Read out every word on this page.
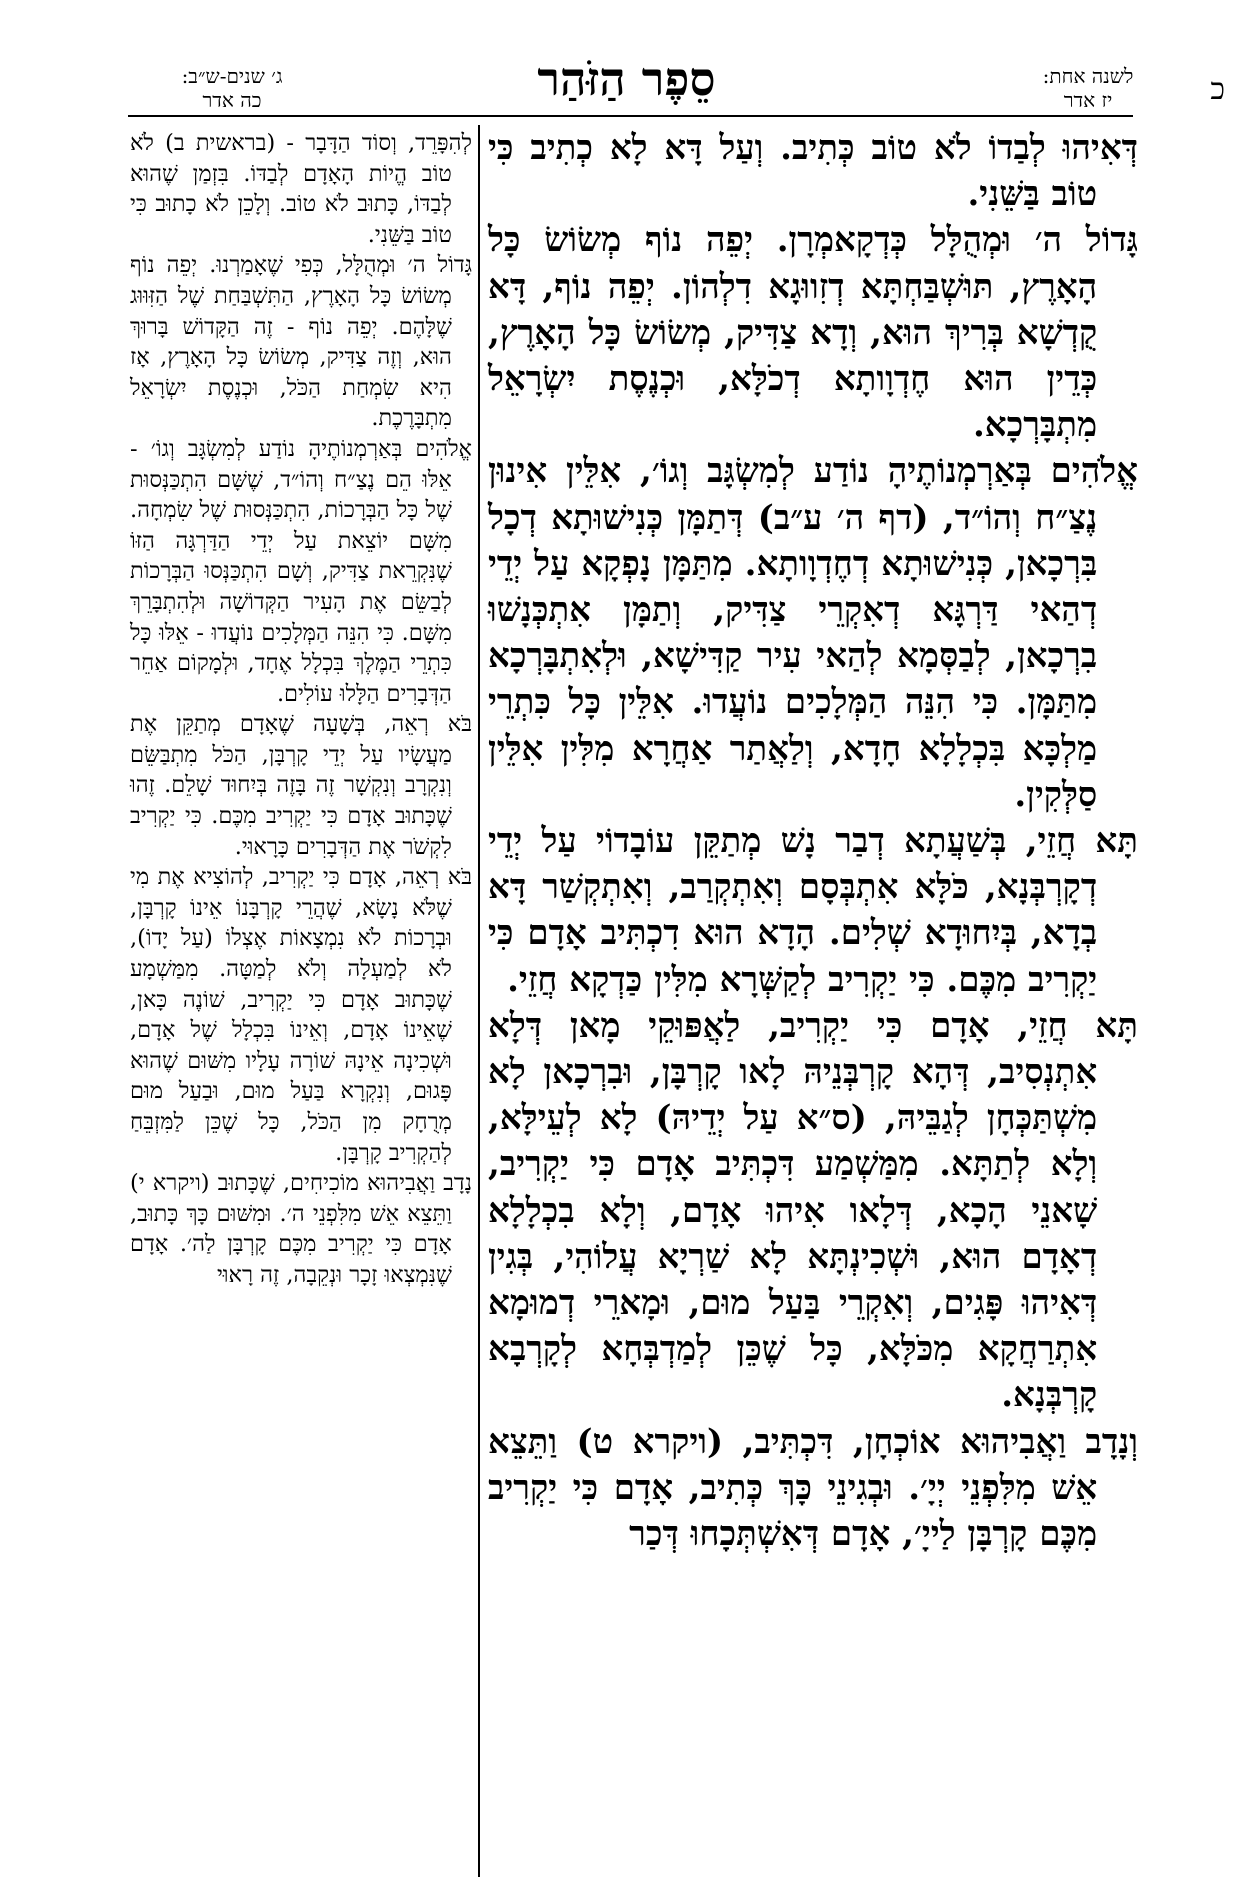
כ
לשנה אחת:
יז אדר
סֵפֶר הַזֹּהַר
ג׳ שנים-ש״ב:
כה אדר

דְּאִיהוּ לְבַדוֹ לֹא טוֹב כְּתִיב. וְעַל דָּא לָא כְתִיב כִּי טוֹב בַּשֵּׁנִי.

גָּדוֹל ה׳ וּמְהֻלָּל כְּדְקָאמְרָן. יְפֵה נוֹף מְשׂוֹשׂ כָּל הָאָרֶץ, תּוּשְׁבַּחְתָּא דְזִווּגָא דִלְהוֹן. יְפֵה נוֹף, דָּא קֻדְשָׁא בְּרִיךְ הוּא, וְדָא צַדִּיק, מְשׂוֹשׂ כָּל הָאָרֶץ, כְּדֵין הוּא חֶדְוָותָא דְכֹלָּא, וּכְנֶסֶת יִשְׂרָאֵל מִתְבָּרְכָא.

אֱלֹהִים בְּאַרְמְנוֹתֶיהָ נוֹדַע לְמִשְׂגָּב וְגוֹ׳, אִלֵּין אִינוּן נֶצַ״ח וְהוֹ״ד, (דף ה׳ ע״ב) דְּתַמָּן כְּנִישׁוּתָא דְכָל בִּרְכָאן, כְּנִישׁוּתָא דְחֶדְוָותָא. מִתַּמָּן נָפְקָא עַל יְדֵי דְהַאי דַּרְגָּא דְאִקְרֵי צַדִּיק, וְתַמָּן אִתְכְּנָשׁוּ בִרְכָאן, לְבַסְּמָא לְהַאי עִיר קַדִּישָׁא, וּלְאִתְבָּרְכָא מִתַּמָּן. כִּי הִנֵּה הַמְּלָכִים נוֹעֲדוּ. אִלֵּין כָּל כִּתְרֵי מַלְכָּא בִּכְלָלָא חָדָא, וְלַאֲתַר אַחֲרָא מִלִּין אִלֵּין סַלְּקִין.

תָּא חֲזֵי, בְּשַׁעֲתָא דְבַר נָשׁ מְתַקֵּן עוֹבָדוֹי עַל יְדֵי דְקָרְבְּנָא, כֹּלָּא אִתְבְּסָם וְאִתְקְרַב, וְאִתְקְשַׁר דָּא בְדָא, בְּיִחוּדָא שְׁלִים. הָדָא הוּא דִכְתִּיב אָדָם כִּי יַקְרִיב מִכֶּם. כִּי יַקְרִיב לְקַשְּׁרָא מִלִּין כַּדְקָא חֲזֵי.

תָּא חֲזֵי, אָדָם כִּי יַקְרִיב, לַאֲפּוּקֵי מָאן דְּלָא אִתְנְסִיב, דְּהָא קָרְבְּנֵיהּ לָאו קָרְבָּן, וּבִרְכָאן לָא מִשְׁתַּכְּחָן לְגַבֵּיהּ, (ס״א עַל יְדֵיהּ) לָא לְעֵילָּא, וְלָא לְתַתָּא. מִמַּשְׁמַע דִּכְתִּיב אָדָם כִּי יַקְרִיב, שָׁאנֵי הָכָא, דְּלָאו אִיהוּ אָדָם, וְלָא בִכְלָלָא דְאָדָם הוּא, וּשְׁכִינְתָּא לָא שַׁרְיָא עֲלוֹהִי, בְּגִין דְּאִיהוּ פָּגִים, וְאִקְרֵי בַּעַל מוּם, וּמָארֵי דְמוּמָא אִתְרַחֲקָא מִכֹּלָּא, כָּל שֶׁכֵּן לְמַדְבְּחָא לְקָרְבָא קָרְבְּנָא.

וְנָדָב וַאֲבִיהוּא אוֹכְחָן, דִּכְתִּיב, (ויקרא ט) וַתֵּצֵא אֵשׁ מִלִּפְנֵי יְיָ׳. וּבְגִינֵי כָּךְ כְּתִיב, אָדָם כִּי יַקְרִיב מִכֶּם קָרְבָּן לַייָ׳, אָדָם דְּאִשְׁתְּכָחוּ דְּכַר

לְהִפָּרֵד, וְסוֹד הַדָּבָר - (בראשית ב) לֹא טוֹב הֱיוֹת הָאָדָם לְבַדּוֹ. בִּזְמַן שֶׁהוּא לְבַדּוֹ, כָּתוּב לֹא טוֹב. וְלָכֵן לֹא כָתוּב כִּי טוֹב בַּשֵּׁנִי.

גָּדוֹל ה׳ וּמְהֻלָּל, כְּפִי שֶׁאָמַרְנוּ. יְפֵה נוֹף מְשׂוֹשׂ כָּל הָאָרֶץ, הַתִּשְׁבַּחַת שֶׁל הַזִּוּוּג שֶׁלָּהֶם. יְפֵה נוֹף - זֶה הַקָּדוֹשׁ בָּרוּךְ הוּא, וְזֶה צַדִּיק, מְשׂוֹשׂ כָּל הָאָרֶץ, אָז הִיא שִׂמְחַת הַכֹּל, וּכְנֶסֶת יִשְׂרָאֵל מִתְבָּרֶכֶת.

אֱלֹהִים בְּאַרְמְנוֹתֶיהָ נוֹדַע לְמִשְׂגָּב וְגוֹ׳ - אֵלּוּ הֵם נֶצַ״ח וְהוֹ״ד, שֶׁשָּׁם הִתְכַּנְּסוּת שֶׁל כָּל הַבְּרָכוֹת, הִתְכַּנְּסוּת שֶׁל שִׂמְחָה. מִשָּׁם יוֹצֵאת עַל יְדֵי הַדַּרְגָּה הַזּוֹ שֶׁנִּקְרֵאת צַדִּיק, וְשָׁם הִתְכַּנְּסוּ הַבְּרָכוֹת לְבַשֵּׂם אֶת הָעִיר הַקְּדוֹשָׁה וּלְהִתְבָּרֵךְ מִשָּׁם. כִּי הִנֵּה הַמְּלָכִים נוֹעֲדוּ - אֵלּוּ כָּל כִּתְרֵי הַמֶּלֶךְ בִּכְלָל אֶחָד, וּלְמָקוֹם אַחֵר הַדְּבָרִים הַלָּלוּ עוֹלִים.

בֹּא רְאֵה, בְּשָׁעָה שֶׁאָדָם מְתַקֵּן אֶת מַעֲשָׂיו עַל יְדֵי קָרְבָּן, הַכֹּל מִתְבַּשֵּׂם וְנִקְרָב וְנִקְשָׁר זֶה בָּזֶה בְּיִחוּד שָׁלֵם. זֶהוּ שֶׁכָּתוּב אָדָם כִּי יַקְרִיב מִכֶּם. כִּי יַקְרִיב לִקְשֹׁר אֶת הַדְּבָרִים כָּרָאוּי.

בֹּא רְאֵה, אָדָם כִּי יַקְרִיב, לְהוֹצִיא אֶת מִי שֶׁלֹּא נָשָׂא, שֶׁהֲרֵי קָרְבָּנוֹ אֵינוֹ קָרְבָּן, וּבְרָכוֹת לֹא נִמְצָאוֹת אֶצְלוֹ (עַל יָדוֹ), לֹא לְמַעְלָה וְלֹא לְמַטָּה. מִמַּשְׁמָע שֶׁכָּתוּב אָדָם כִּי יַקְרִיב, שׁוֹנֶה כָּאן, שֶׁאֵינוֹ אָדָם, וְאֵינוֹ בִּכְלָל שֶׁל אָדָם, וּשְׁכִינָה אֵינָהּ שׁוֹרָה עָלָיו מִשּׁוּם שֶׁהוּא פָּגוּם, וְנִקְרָא בַּעַל מוּם, וּבַעַל מוּם מְרֻחָק מִן הַכֹּל, כָּל שֶׁכֵּן לַמִּזְבֵּחַ לְהַקְרִיב קָרְבָּן.

נָדָב וַאֲבִיהוּא מוֹכִיחִים, שֶׁכָּתוּב (ויקרא י) וַתֵּצֵא אֵשׁ מִלִּפְנֵי ה׳. וּמִשּׁוּם כָּךְ כָּתוּב, אָדָם כִּי יַקְרִיב מִכֶּם קָרְבָּן לַה׳. אָדָם שֶׁנִּמְצְאוּ זָכָר וּנְקֵבָה, זֶה רָאוּי
